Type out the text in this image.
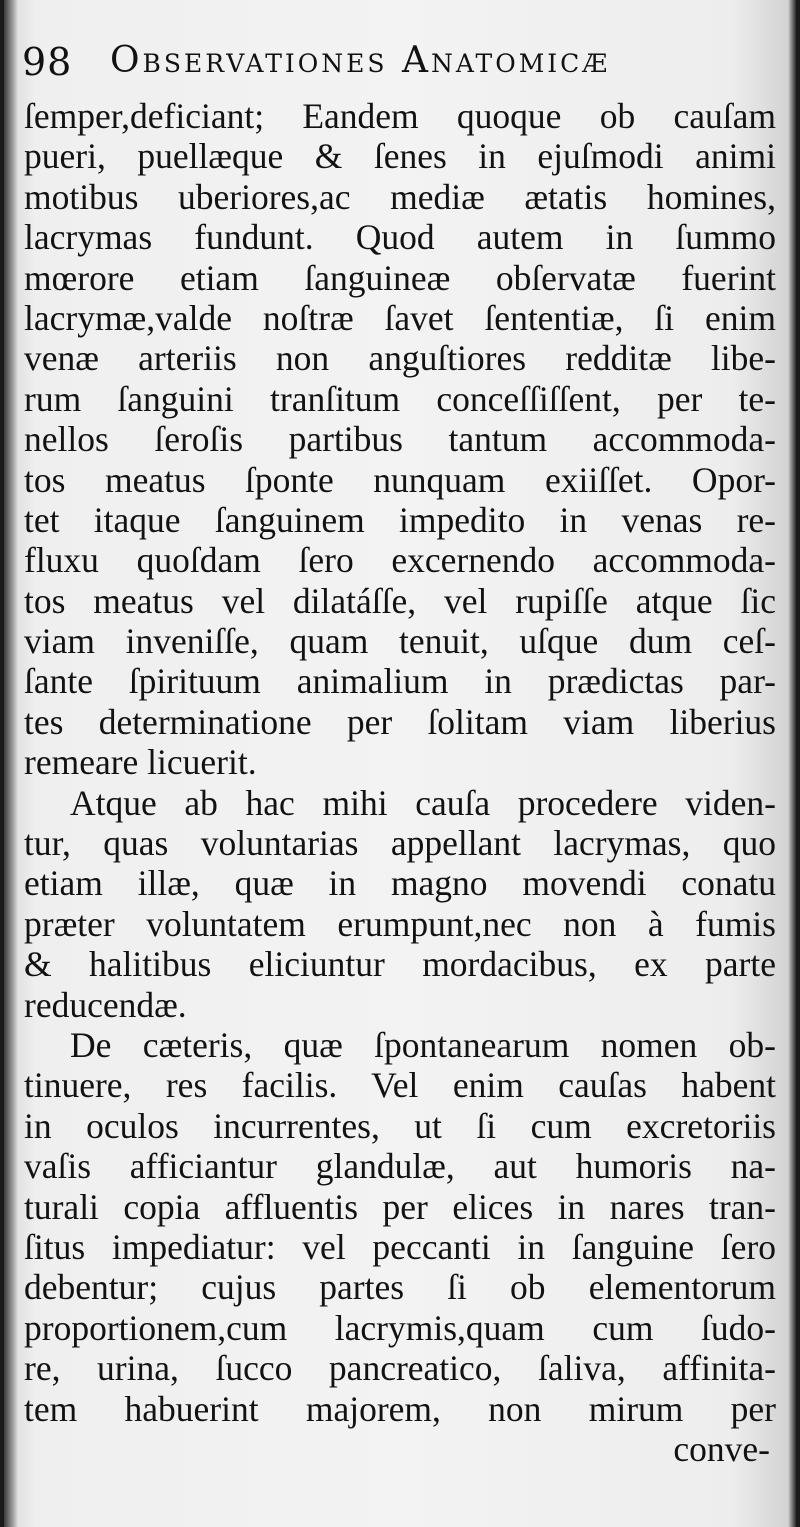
98 Observationes Anatomicæ
ſemper,deficiant; Eandem quoque ob cauſam
pueri, puellæque & ſenes in ejuſmodi animi
motibus uberiores,ac mediæ ætatis homines,
lacrymas fundunt. Quod autem in ſummo
mœrore etiam ſanguineæ obſervatæ fuerint
lacrymæ,valde noſtræ ſavet ſententiæ, ſi enim
venæ arteriis non anguſtiores redditæ libe-
rum ſanguini tranſitum conceſſiſſent, per te-
nellos ſeroſis partibus tantum accommoda-
tos meatus ſponte nunquam exiiſſet. Opor-
tet itaque ſanguinem impedito in venas re-
fluxu quoſdam ſero excernendo accommoda-
tos meatus vel dilatáſſe, vel rupiſſe atque ſic
viam inveniſſe, quam tenuit, uſque dum ceſ-
ſante ſpirituum animalium in prædictas par-
tes determinatione per ſolitam viam liberius
remeare licuerit.
Atque ab hac mihi cauſa procedere viden-
tur, quas voluntarias appellant lacrymas, quo
etiam illæ, quæ in magno movendi conatu
præter voluntatem erumpunt,nec non à fumis
& halitibus eliciuntur mordacibus, ex parte
reducendæ.
De cæteris, quæ ſpontanearum nomen ob-
tinuere, res facilis. Vel enim cauſas habent
in oculos incurrentes, ut ſi cum excretoriis
vaſis afficiantur glandulæ, aut humoris na-
turali copia affluentis per elices in nares tran-
ſitus impediatur: vel peccanti in ſanguine ſero
debentur; cujus partes ſi ob elementorum
proportionem,cum lacrymis,quam cum ſudo-
re, urina, ſucco pancreatico, ſaliva, affinita-
tem habuerint majorem, non mirum per
conve-
